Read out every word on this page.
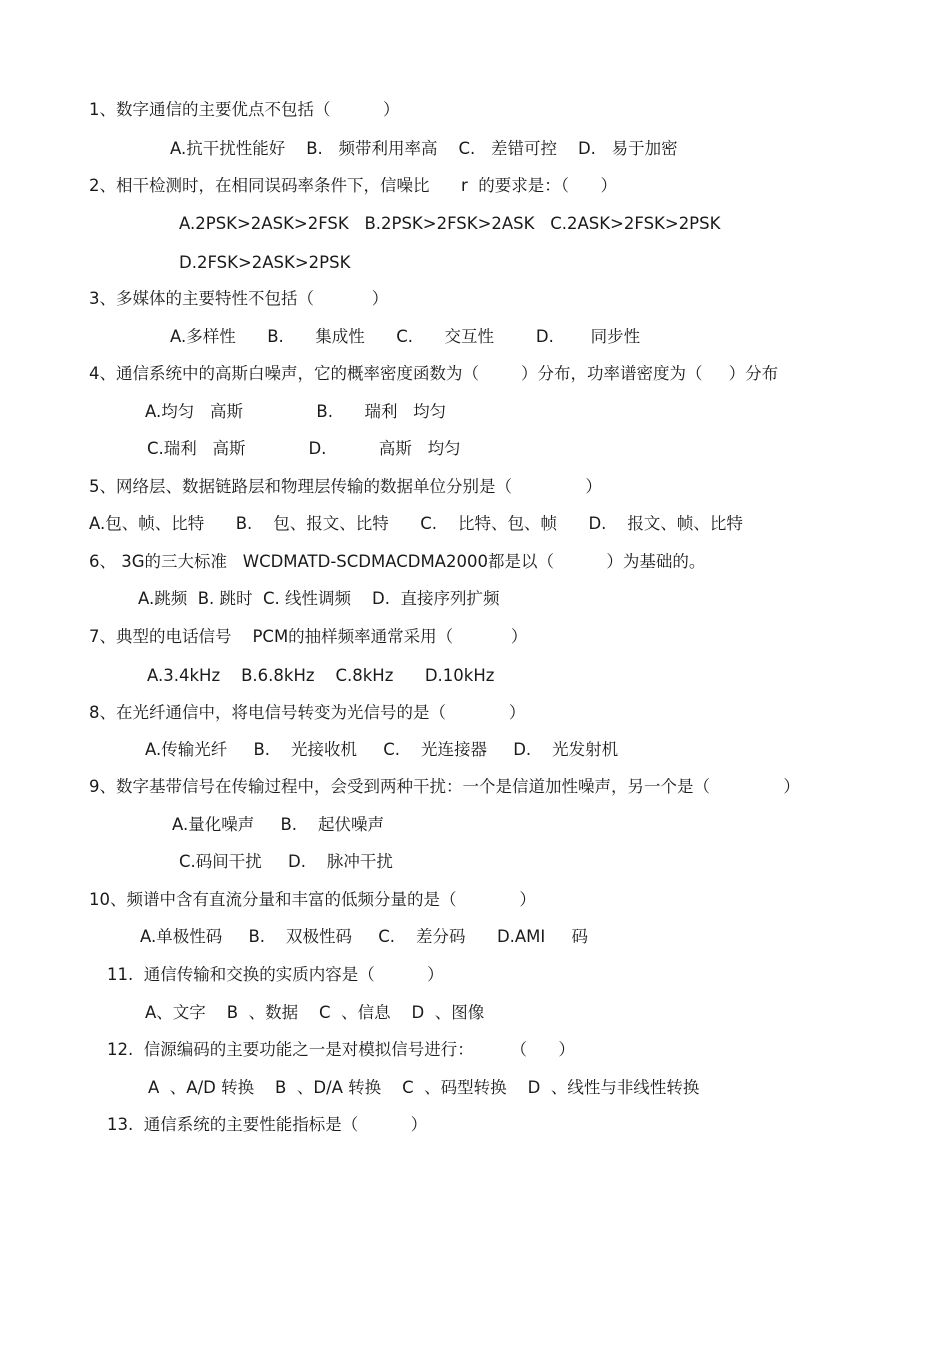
1、数字通信的主要优点不包括（          ）
A.抗干扰性能好    B.   频带利用率高    C.   差错可控    D.   易于加密
2、相干检测时，在相同误码率条件下，信噪比      r  的要求是：（      ）
A.2PSK>2ASK>2FSK   B.2PSK>2FSK>2ASK   C.2ASK>2FSK>2PSK
D.2FSK>2ASK>2PSK
3、多媒体的主要特性不包括（           ）
A.多样性      B.      集成性      C.      交互性        D.       同步性
4、通信系统中的高斯白噪声，它的概率密度函数为（        ）分布，功率谱密度为（     ）分布
A.均匀   高斯              B.      瑞利   均匀
C.瑞利   高斯            D.          高斯   均匀
5、网络层、数据链路层和物理层传输的数据单位分别是（              ）
A.包、帧、比特      B.    包、报文、比特      C.    比特、包、帧      D.    报文、帧、比特
6、 3G的三大标准   WCDMATD-SCDMACDMA2000都是以（          ）为基础的。
A.跳频  B. 跳时  C. 线性调频    D.  直接序列扩频
7、典型的电话信号    PCM的抽样频率通常采用（           ）
A.3.4kHz    B.6.8kHz    C.8kHz      D.10kHz
8、在光纤通信中，将电信号转变为光信号的是（            ）
A.传输光纤     B.    光接收机     C.    光连接器     D.    光发射机
9、数字基带信号在传输过程中，会受到两种干扰：一个是信道加性噪声，另一个是（              ）
A.量化噪声     B.    起伏噪声
C.码间干扰     D.    脉冲干扰
10、频谱中含有直流分量和丰富的低频分量的是（            ）
A.单极性码     B.    双极性码     C.    差分码      D.AMI     码
11.  通信传输和交换的实质内容是（          ）
A、文字    B  、数据    C  、信息    D  、图像
12.  信源编码的主要功能之一是对模拟信号进行：       （      ）
A  、A/D 转换    B  、D/A 转换    C  、码型转换    D  、线性与非线性转换
13.  通信系统的主要性能指标是（          ）
